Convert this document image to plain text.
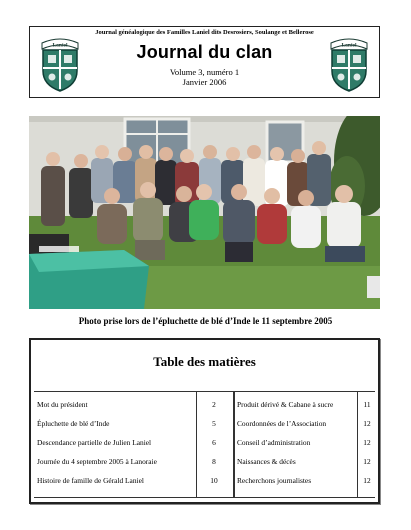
Journal généalogique des Familles Laniel dits Desrosiers, Soulange et Bellerose
Laniel	Journal du clan
Volume 3, numéro 1
Janvier 2006
Laniel
Photo prise lors de l’épluchette de blé d’Inde le 11 septembre 2005
Table des matières
Mot du président	2
Épluchette de blé d’Inde	5
Descendance partielle de Julien Laniel	6
Journée du 4 septembre 2005 à Lanoraie	8
Histoire de famille de Gérald Laniel	10
Produit dérivé & Cabane à sucre	11
Coordonnées de l’Association	12
Conseil d’administration	12
Naissances & décès	12
Recherchons journalistes	12
